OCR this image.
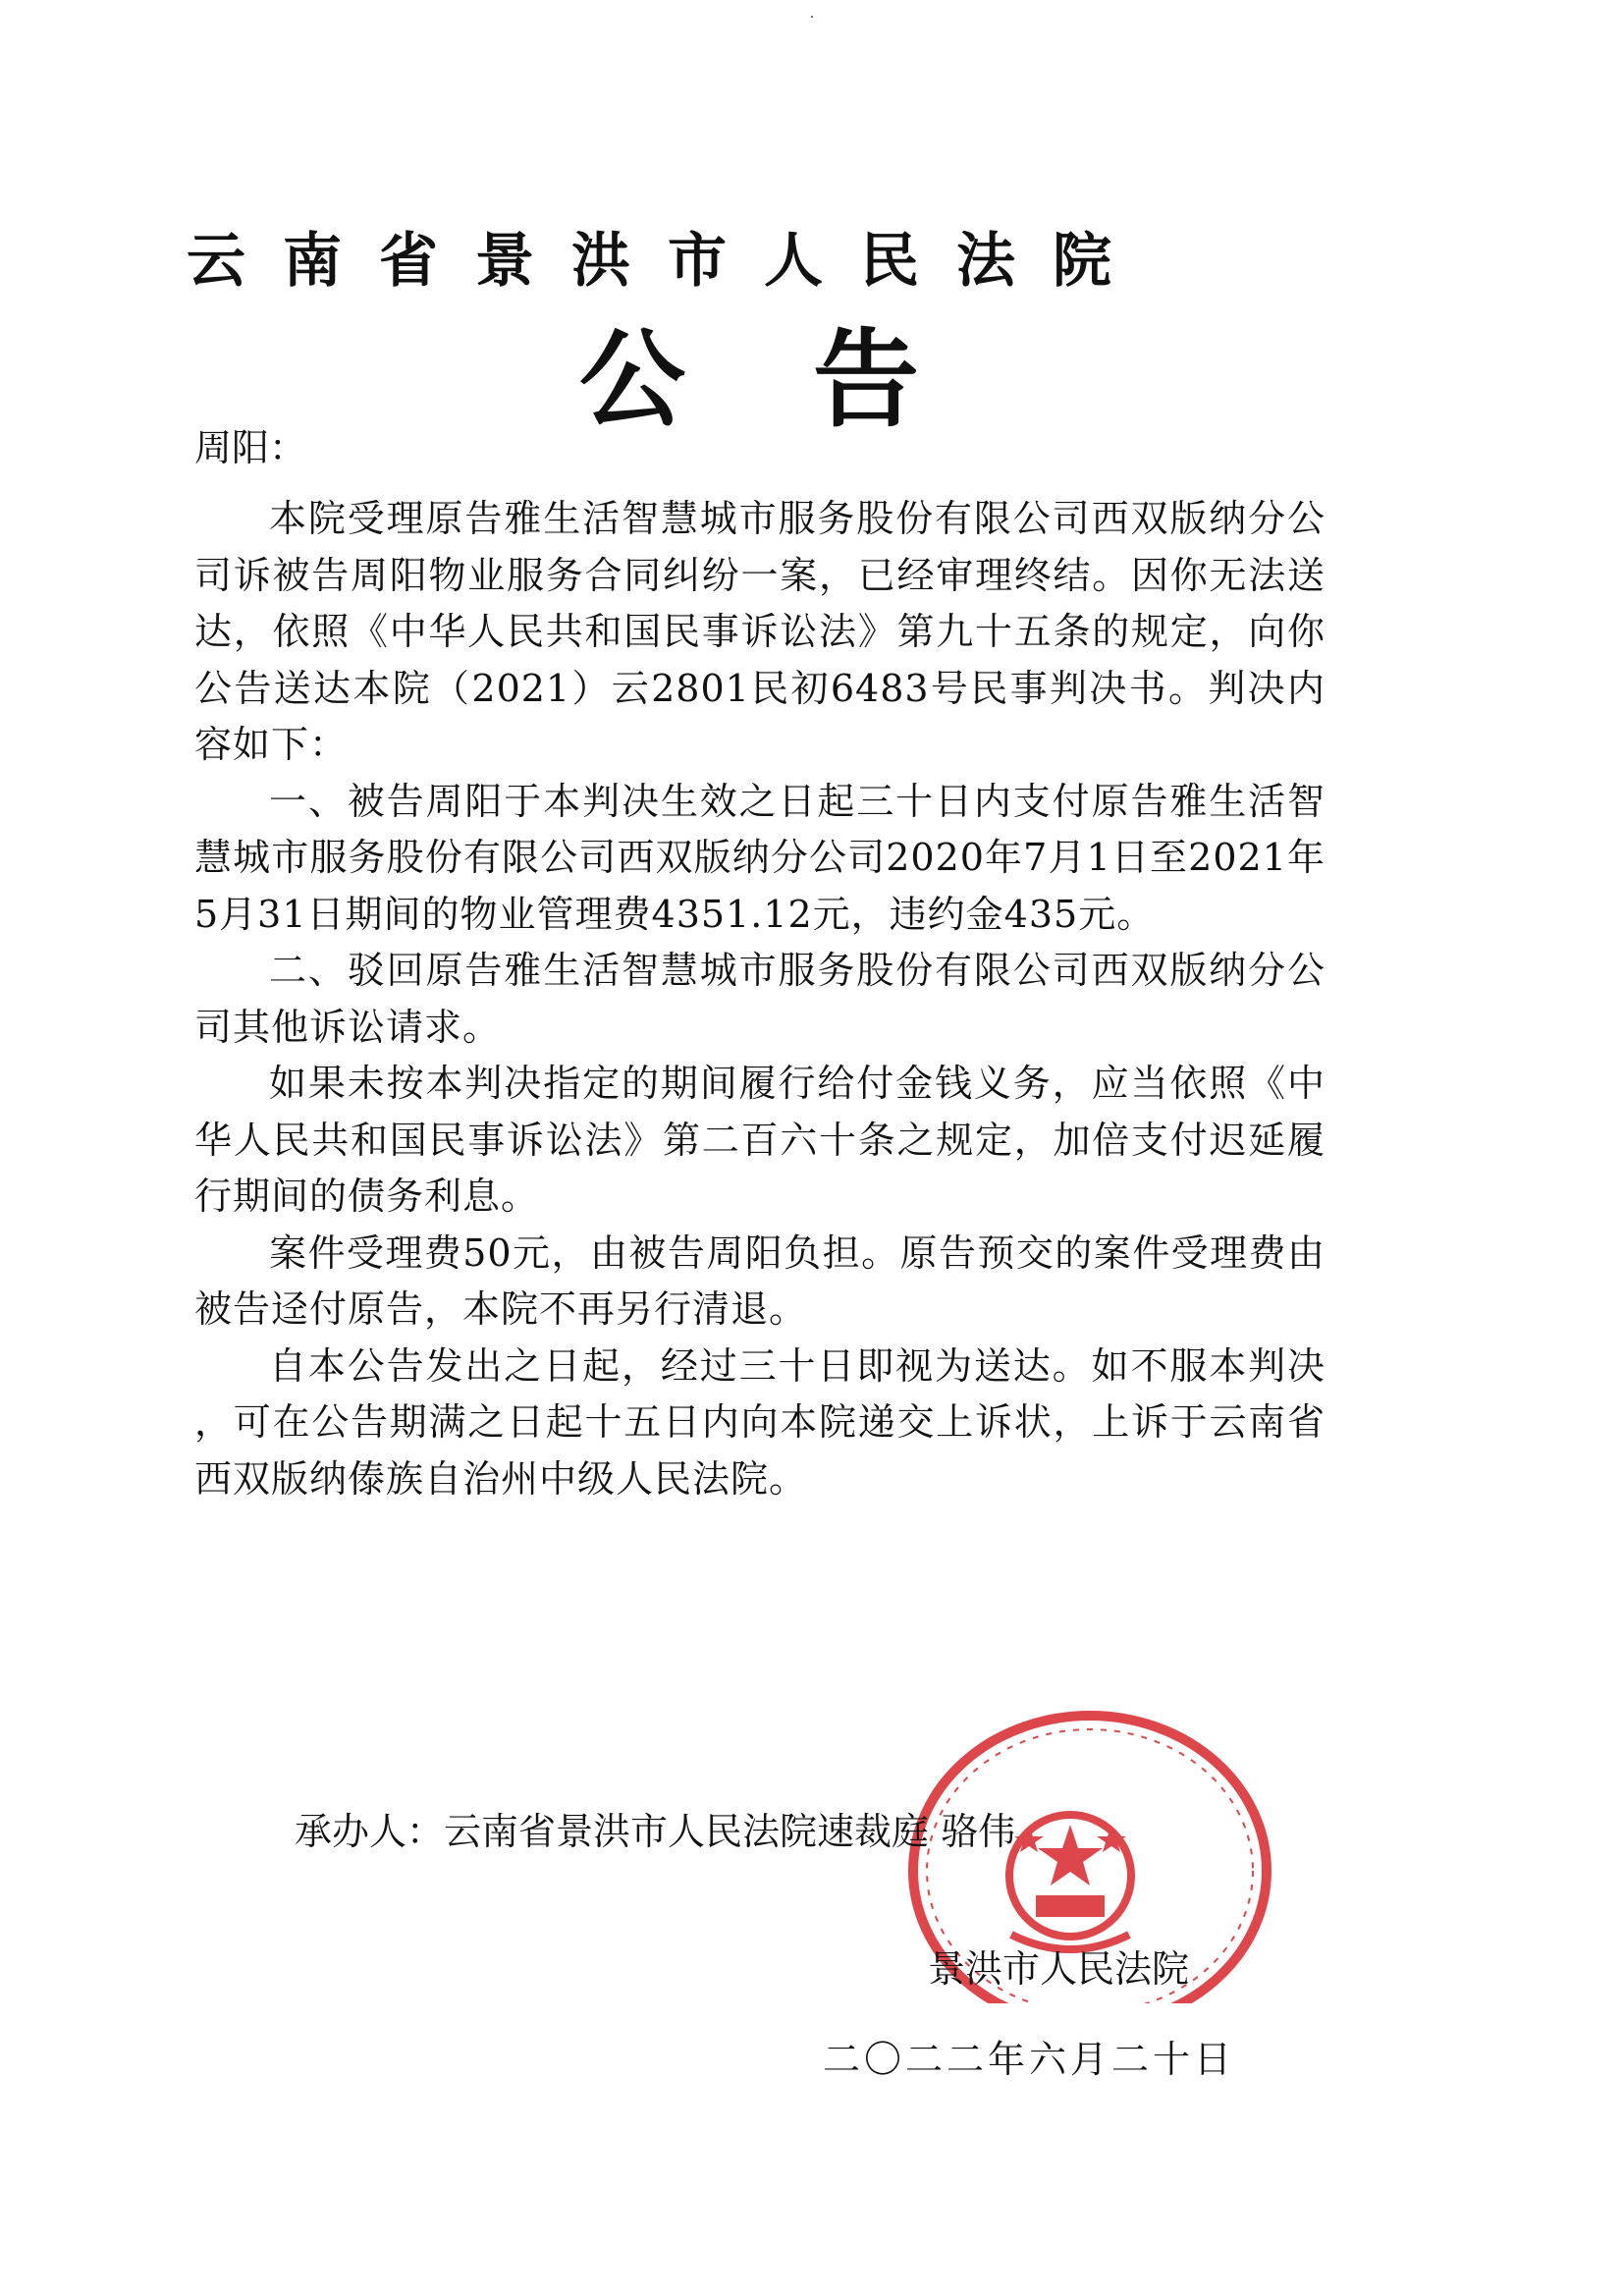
云南省景洪市人民法院
公告
周阳：

本院受理原告雅生活智慧城市服务股份有限公司西双版纳分公司诉被告周阳物业服务合同纠纷一案，已经审理终结。因你无法送达，依照《中华人民共和国民事诉讼法》第九十五条的规定，向你公告送达本院（2021）云2801民初6483号民事判决书。判决内容如下：

一、被告周阳于本判决生效之日起三十日内支付原告雅生活智慧城市服务股份有限公司西双版纳分公司2020年7月1日至2021年5月31日期间的物业管理费4351.12元，违约金435元。

二、驳回原告雅生活智慧城市服务股份有限公司西双版纳分公司其他诉讼请求。

如果未按本判决指定的期间履行给付金钱义务，应当依照《中华人民共和国民事诉讼法》第二百六十条之规定，加倍支付迟延履行期间的债务利息。

案件受理费50元，由被告周阳负担。原告预交的案件受理费由被告迳付原告，本院不再另行清退。

自本公告发出之日起，经过三十日即视为送达。如不服本判决 ，可在公告期满之日起十五日内向本院递交上诉状，上诉于云南省西双版纳傣族自治州中级人民法院。

承办人：云南省景洪市人民法院速裁庭 骆伟
景洪市人民法院
二〇二二年六月二十日
